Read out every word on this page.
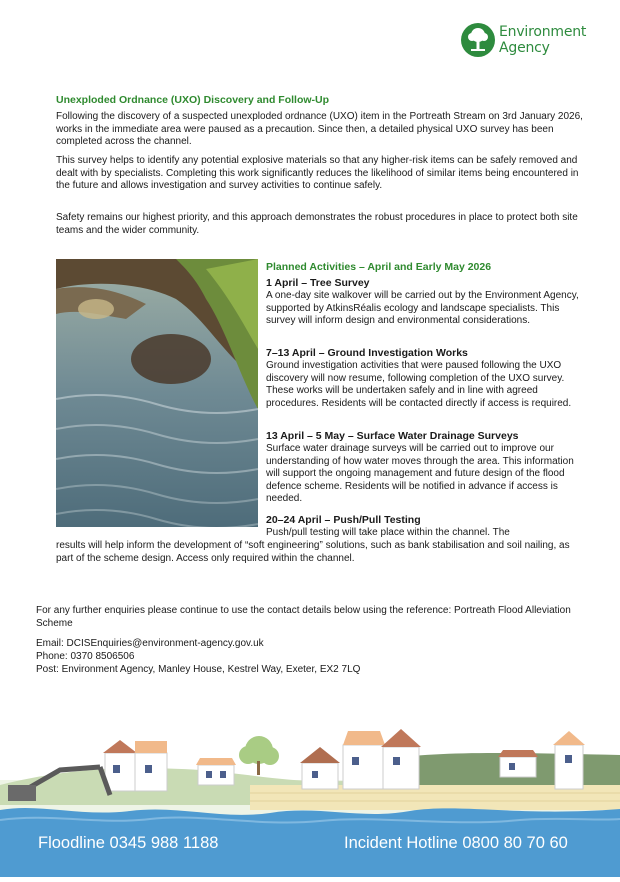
Environment
Agency
Unexploded Ordnance (UXO) Discovery and Follow-Up

Following the discovery of a suspected unexploded ordnance (UXO) item in the Portreath Stream on 3rd January 2026, works in the immediate area were paused as a precaution. Since then, a detailed physical UXO survey has been completed across the channel.

This survey helps to identify any potential explosive materials so that any higher-risk items can be safely removed and dealt with by specialists. Completing this work significantly reduces the likelihood of similar items being encountered in the future and allows investigation and survey activities to continue safely.

Safety remains our highest priority, and this approach demonstrates the robust procedures in place to protect both site teams and the wider community.

Planned Activities – April and Early May 2026
1 April – Tree Survey
A one-day site walkover will be carried out by the Environment Agency, supported by AtkinsRéalis ecology and landscape specialists. This survey will inform design and environmental considerations.
7–13 April – Ground Investigation Works
Ground investigation activities that were paused following the UXO discovery will now resume, following completion of the UXO survey. These works will be undertaken safely and in line with agreed procedures. Residents will be contacted directly if access is required.
13 April – 5 May – Surface Water Drainage Surveys
Surface water drainage surveys will be carried out to improve our understanding of how water moves through the area. This information will support the ongoing management and future design of the flood defence scheme. Residents will be notified in advance if access is needed.
20–24 April – Push/Pull Testing
Push/pull testing will take place within the channel. The

results will help inform the development of “soft engineering” solutions, such as bank stabilisation and soil nailing, as part of the scheme design. Access only required within the channel.

For any further enquiries please continue to use the contact details below using the reference: Portreath Flood Alleviation Scheme

Email: DCISEnquiries@environment-agency.gov.uk
Phone: 0370 8506506
Post: Environment Agency, Manley House, Kestrel Way, Exeter, EX2 7LQ
Floodline 0345 988 1188	Incident Hotline 0800 80 70 60
